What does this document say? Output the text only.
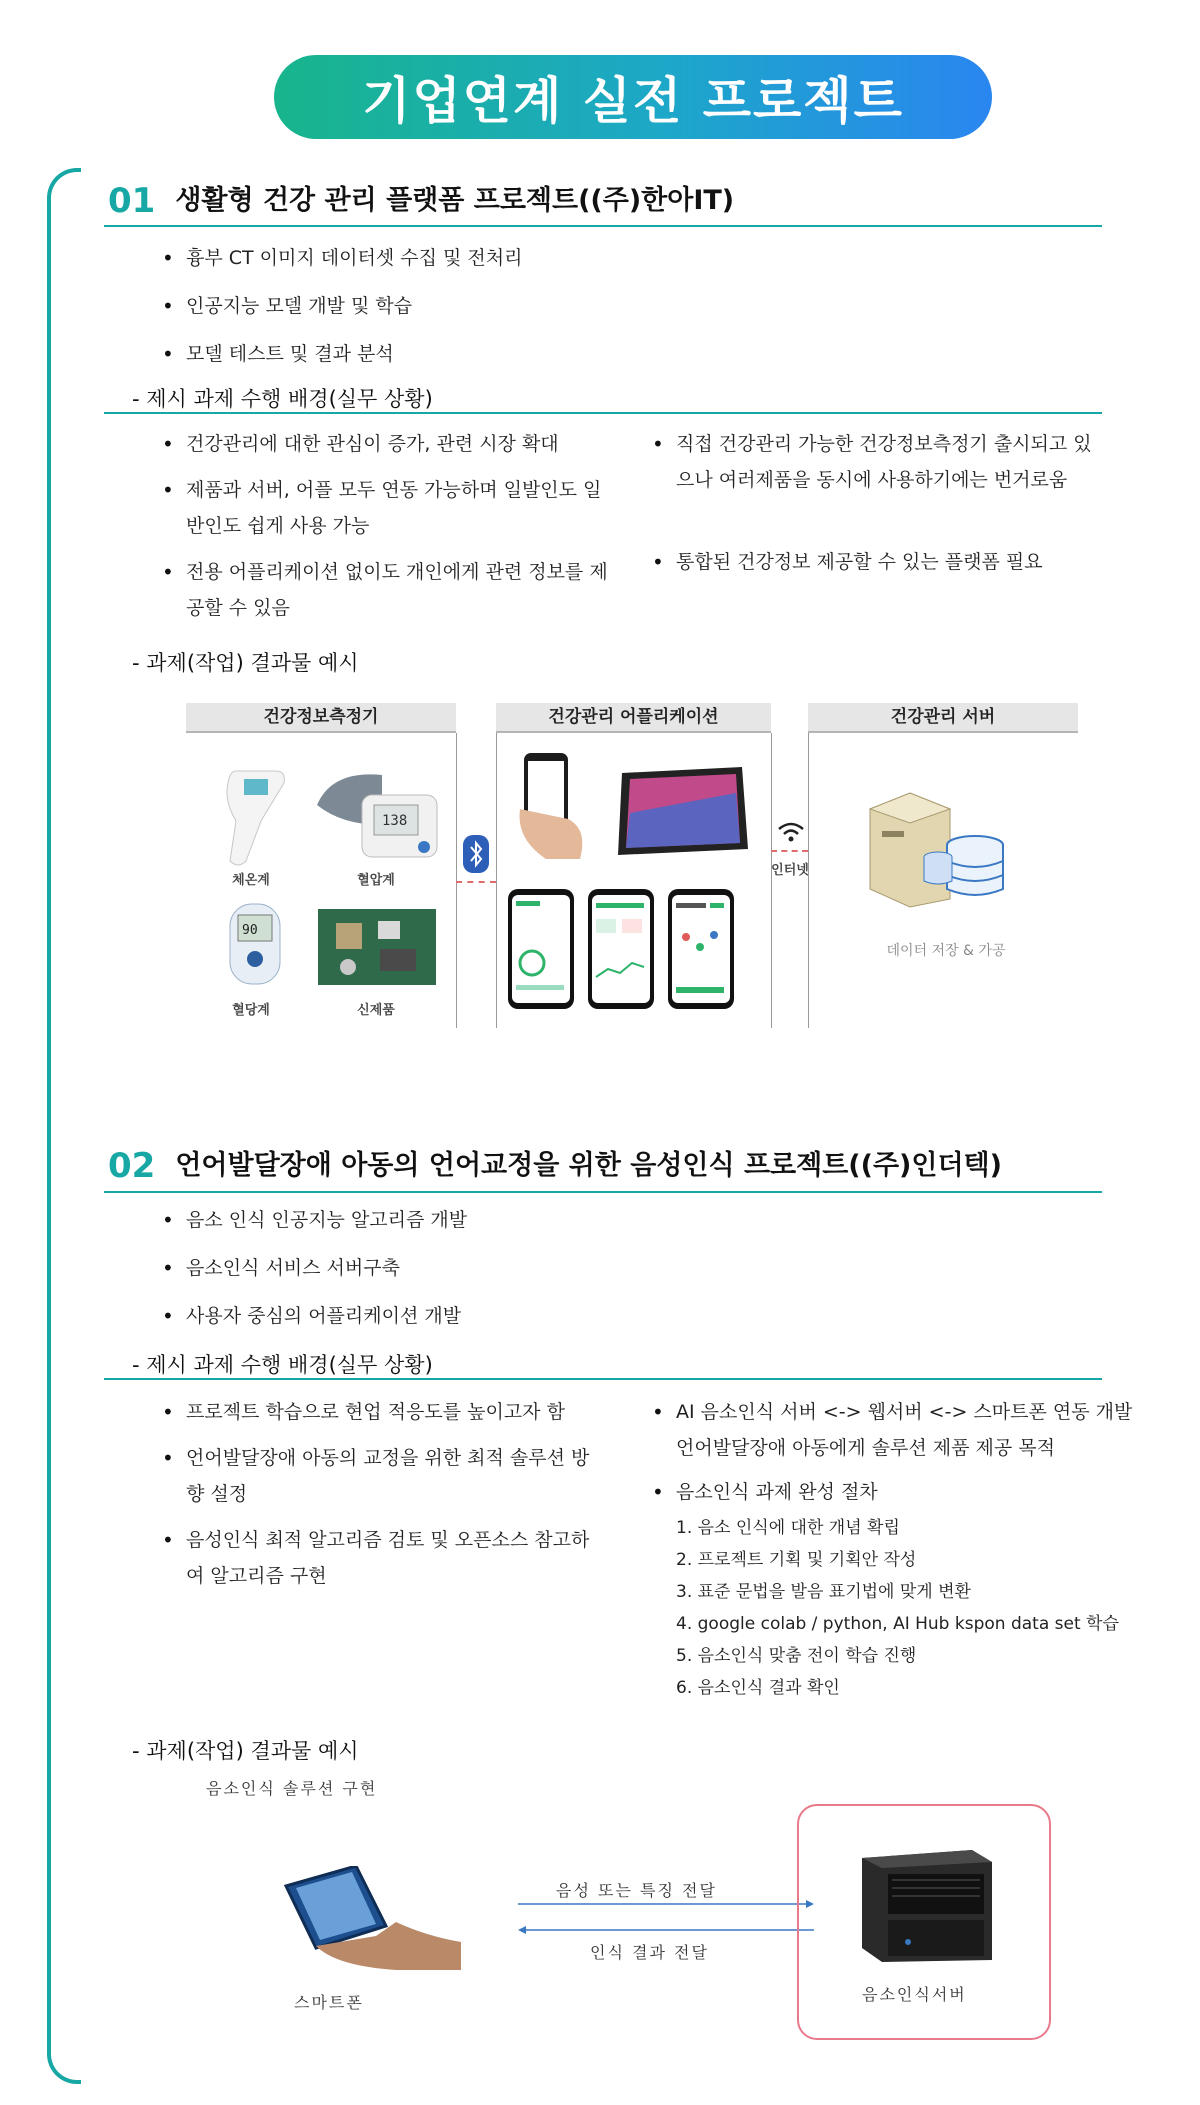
기업연계 실전 프로젝트
01 생활형 건강 관리 플랫폼 프로젝트((주)한아IT)
• 흉부 CT 이미지 데이터셋 수집 및 전처리
• 인공지능 모델 개발 및 학습
• 모델 테스트 및 결과 분석
- 제시 과제 수행 배경(실무 상황)
• 건강관리에 대한 관심이 증가, 관련 시장 확대
• 제품과 서버, 어플 모두 연동 가능하며 일발인도 일반인도 쉽게 사용 가능
• 전용 어플리케이션 없이도 개인에게 관련 정보를 제공할 수 있음
• 직접 건강관리 가능한 건강정보측정기 출시되고 있으나 여러제품을 동시에 사용하기에는 번거로움
• 통합된 건강정보 제공할 수 있는 플랫폼 필요
- 과제(작업) 결과물 예시
건강정보측정기	건강관리 어플리케이션	건강관리 서버
체온계
138
혈압계
90
혈당계	신제품
인터넷
데이터 저장 & 가공
02 언어발달장애 아동의 언어교정을 위한 음성인식 프로젝트((주)인더텍)
• 음소 인식 인공지능 알고리즘 개발
• 음소인식 서비스 서버구축
• 사용자 중심의 어플리케이션 개발
- 제시 과제 수행 배경(실무 상황)
• 프로젝트 학습으로 현업 적응도를 높이고자 함
• 언어발달장애 아동의 교정을 위한 최적 솔루션 방향 설정
• 음성인식 최적 알고리즘 검토 및 오픈소스 참고하여 알고리즘 구현
• AI 음소인식 서버 <-> 웹서버 <-> 스마트폰 연동 개발 언어발달장애 아동에게 솔루션 제품 제공 목적
• 음소인식 과제 완성 절차
1. 음소 인식에 대한 개념 확립
2. 프로젝트 기획 및 기획안 작성
3. 표준 문법을 발음 표기법에 맞게 변환
4. google colab / python, AI Hub kspon data set 학습
5. 음소인식 맞춤 전이 학습 진행
6. 음소인식 결과 확인
- 과제(작업) 결과물 예시
음소인식 솔루션 구현
스마트폰
음성 또는 특징 전달
인식 결과 전달
음소인식서버
